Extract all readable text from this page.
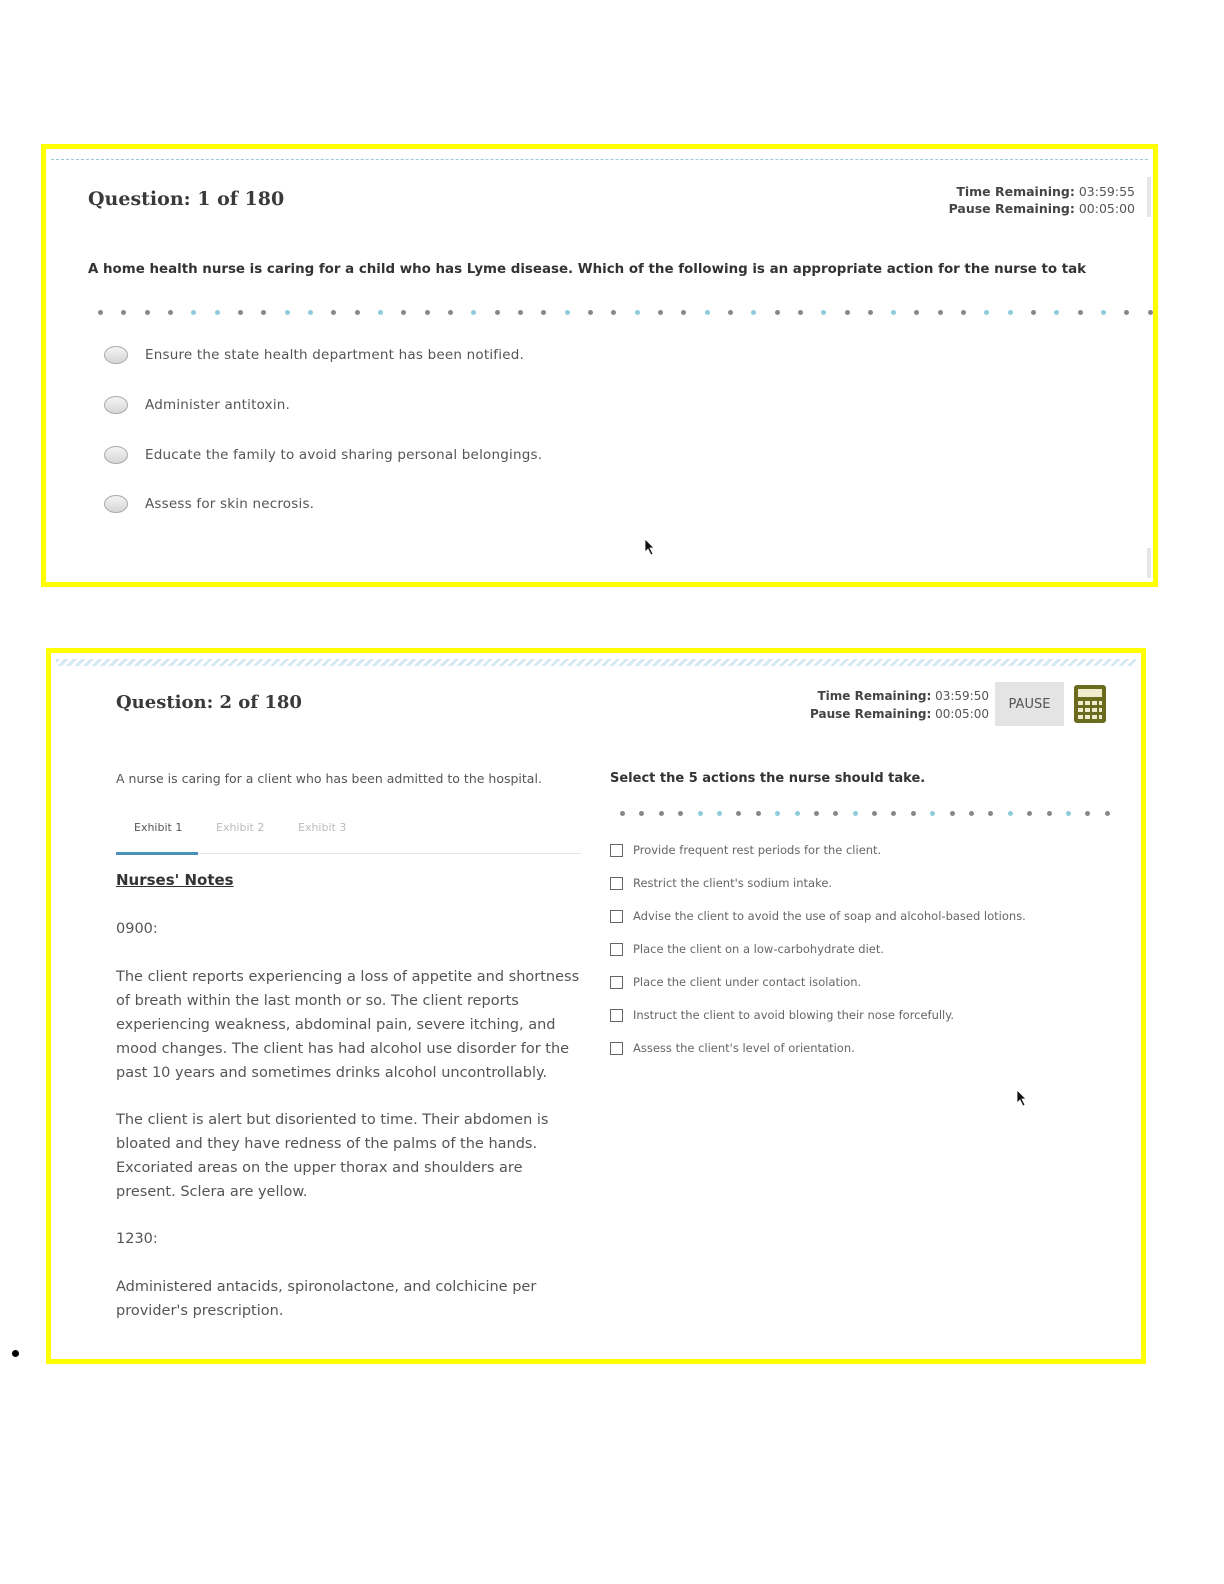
Question: 1 of 180	Time Remaining: 03:59:55
Pause Remaining: 00:05:00
A home health nurse is caring for a child who has Lyme disease. Which of the following is an appropriate action for the nurse to tak
Ensure the state health department has been notified.
Administer antitoxin.
Educate the family to avoid sharing personal belongings.
Assess for skin necrosis.
Question: 2 of 180	Time Remaining: 03:59:50
Pause Remaining: 00:05:00
PAUSE
A nurse is caring for a client who has been admitted to the hospital.
Exhibit 1	Exhibit 2	Exhibit 3
Nurses' Notes
0900:
The client reports experiencing a loss of appetite and shortness of breath within the last month or so. The client reports experiencing weakness, abdominal pain, severe itching, and mood changes. The client has had alcohol use disorder for the past 10 years and sometimes drinks alcohol uncontrollably.
The client is alert but disoriented to time. Their abdomen is bloated and they have redness of the palms of the hands. Excoriated areas on the upper thorax and shoulders are present. Sclera are yellow.
1230:
Administered antacids, spironolactone, and colchicine per provider's prescription.
Select the 5 actions the nurse should take.
Provide frequent rest periods for the client.
Restrict the client's sodium intake.
Advise the client to avoid the use of soap and alcohol-based lotions.
Place the client on a low-carbohydrate diet.
Place the client under contact isolation.
Instruct the client to avoid blowing their nose forcefully.
Assess the client's level of orientation.
